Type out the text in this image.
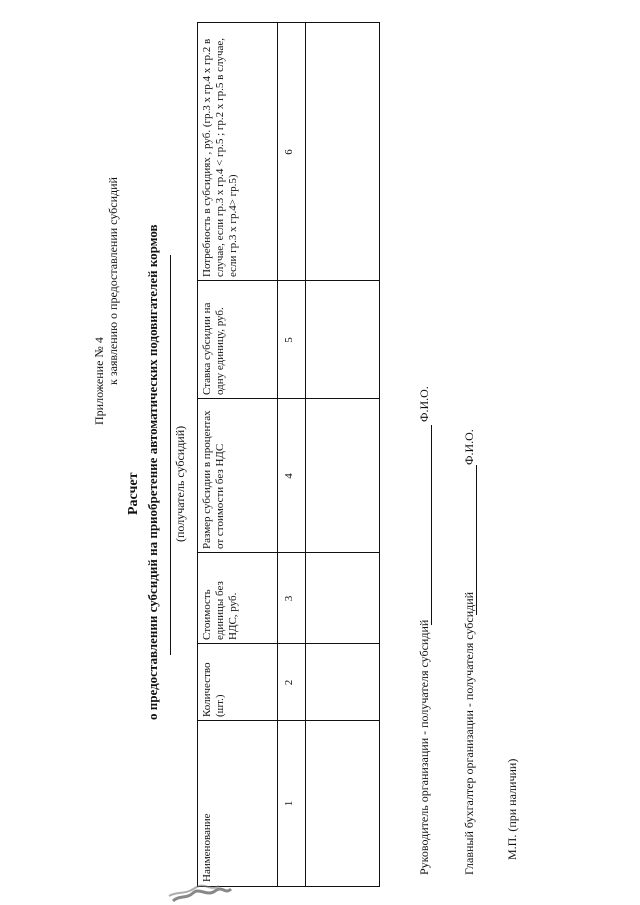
Приложение № 4 к заявлению о предоставлении субсидий
Расчет о предоставлении субсидий на приобретение автоматических подовигателей кормов (получатель субсидий)
Наименование
Количество (шт.)
Стоимость единицы без НДС, руб.
Размер субсидии в процентах от стоимости без НДС
Ставка субсидии на одну единицу, руб.
Потребность в субсидиях , руб. (гр.3 x гр.4 x гр.2 в случае, если гр.3 x гр.4 < гр.5 ; гр.2 x гр.5 в случае, если гр.3 x гр.4> гр.5)
1
2
3
4
5
6
Руководитель организации - получателя субсидий
Ф.И.О.
Главный бухгалтер организации - получателя субсидий
Ф.И.О.
М.П. (при наличии)
